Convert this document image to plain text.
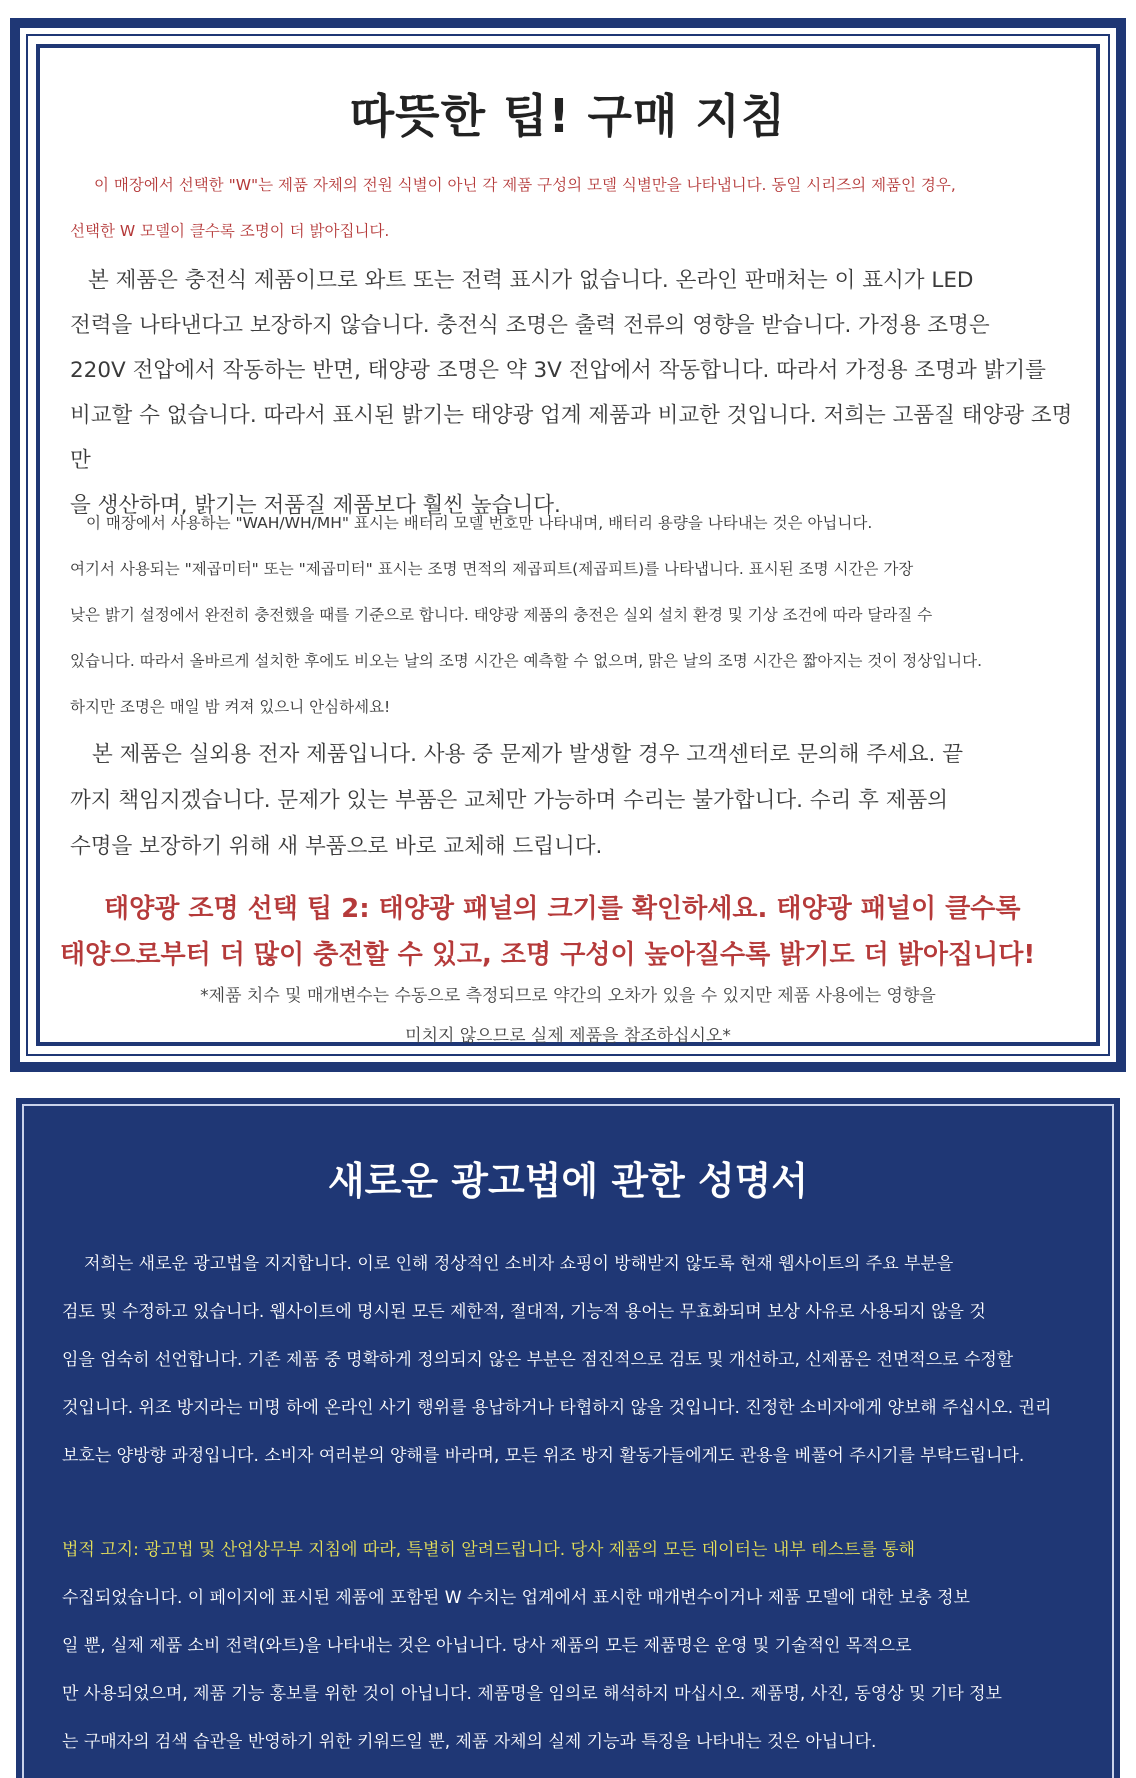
따뜻한 팁! 구매 지침
이 매장에서 선택한 "W"는 제품 자체의 전원 식별이 아닌 각 제품 구성의 모델 식별만을 나타냅니다. 동일 시리즈의 제품인 경우,
선택한 W 모델이 클수록 조명이 더 밝아집니다.
본 제품은 충전식 제품이므로 와트 또는 전력 표시가 없습니다. 온라인 판매처는 이 표시가 LED
전력을 나타낸다고 보장하지 않습니다. 충전식 조명은 출력 전류의 영향을 받습니다. 가정용 조명은
220V 전압에서 작동하는 반면, 태양광 조명은 약 3V 전압에서 작동합니다. 따라서 가정용 조명과 밝기를
비교할 수 없습니다. 따라서 표시된 밝기는 태양광 업계 제품과 비교한 것입니다. 저희는 고품질 태양광 조명만
을 생산하며, 밝기는 저품질 제품보다 훨씬 높습니다.
이 매장에서 사용하는 "WAH/WH/MH" 표시는 배터리 모델 번호만 나타내며, 배터리 용량을 나타내는 것은 아닙니다.
여기서 사용되는 "제곱미터" 또는 "제곱미터" 표시는 조명 면적의 제곱피트(제곱피트)를 나타냅니다. 표시된 조명 시간은 가장
낮은 밝기 설정에서 완전히 충전했을 때를 기준으로 합니다. 태양광 제품의 충전은 실외 설치 환경 및 기상 조건에 따라 달라질 수
있습니다. 따라서 올바르게 설치한 후에도 비오는 날의 조명 시간은 예측할 수 없으며, 맑은 날의 조명 시간은 짧아지는 것이 정상입니다.
하지만 조명은 매일 밤 켜져 있으니 안심하세요!
본 제품은 실외용 전자 제품입니다. 사용 중 문제가 발생할 경우 고객센터로 문의해 주세요. 끝
까지 책임지겠습니다. 문제가 있는 부품은 교체만 가능하며 수리는 불가합니다. 수리 후 제품의
수명을 보장하기 위해 새 부품으로 바로 교체해 드립니다.
태양광 조명 선택 팁 2: 태양광 패널의 크기를 확인하세요. 태양광 패널이 클수록
태양으로부터 더 많이 충전할 수 있고, 조명 구성이 높아질수록 밝기도 더 밝아집니다!
*제품 치수 및 매개변수는 수동으로 측정되므로 약간의 오차가 있을 수 있지만 제품 사용에는 영향을
미치지 않으므로 실제 제품을 참조하십시오*
새로운 광고법에 관한 성명서
저희는 새로운 광고법을 지지합니다. 이로 인해 정상적인 소비자 쇼핑이 방해받지 않도록 현재 웹사이트의 주요 부분을
검토 및 수정하고 있습니다. 웹사이트에 명시된 모든 제한적, 절대적, 기능적 용어는 무효화되며 보상 사유로 사용되지 않을 것
임을 엄숙히 선언합니다. 기존 제품 중 명확하게 정의되지 않은 부분은 점진적으로 검토 및 개선하고, 신제품은 전면적으로 수정할
것입니다. 위조 방지라는 미명 하에 온라인 사기 행위를 용납하거나 타협하지 않을 것입니다. 진정한 소비자에게 양보해 주십시오. 권리
보호는 양방향 과정입니다. 소비자 여러분의 양해를 바라며, 모든 위조 방지 활동가들에게도 관용을 베풀어 주시기를 부탁드립니다.
법적 고지: 광고법 및 산업상무부 지침에 따라, 특별히 알려드립니다. 당사 제품의 모든 데이터는 내부 테스트를 통해
수집되었습니다. 이 페이지에 표시된 제품에 포함된 W 수치는 업계에서 표시한 매개변수이거나 제품 모델에 대한 보충 정보
일 뿐, 실제 제품 소비 전력(와트)을 나타내는 것은 아닙니다. 당사 제품의 모든 제품명은 운영 및 기술적인 목적으로
만 사용되었으며, 제품 기능 홍보를 위한 것이 아닙니다. 제품명을 임의로 해석하지 마십시오. 제품명, 사진, 동영상 및 기타 정보
는 구매자의 검색 습관을 반영하기 위한 키워드일 뿐, 제품 자체의 실제 기능과 특징을 나타내는 것은 아닙니다.
